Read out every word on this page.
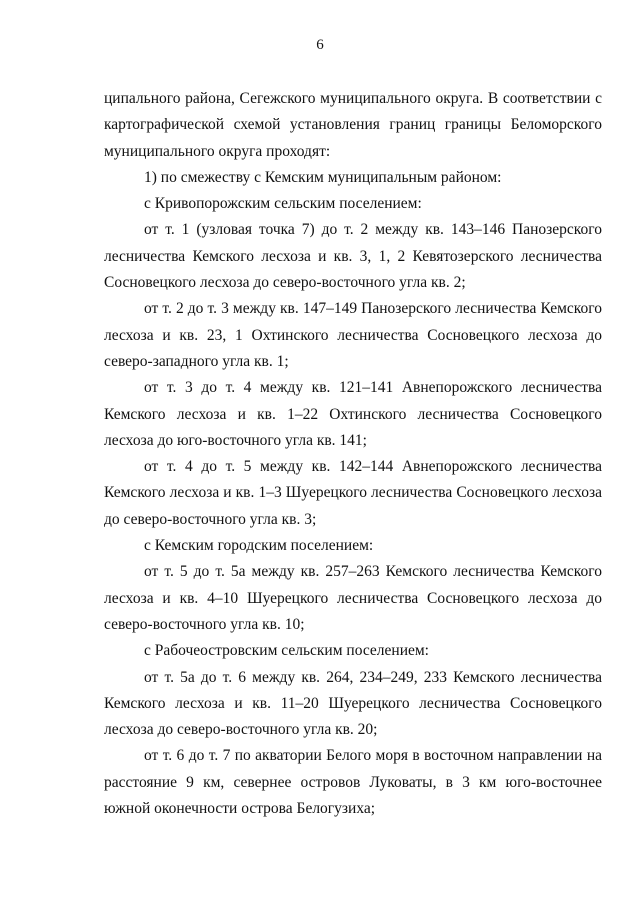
6

ципального района, Сегежского муниципального округа. В соответствии с картографической схемой установления границ границы Беломорского муниципального округа проходят:

1) по смежеству с Кемским муниципальным районом:

с Кривопорожским сельским поселением:

от т. 1 (узловая точка 7) до т. 2 между кв. 143–146 Панозерского лесничества Кемского лесхоза и кв. 3, 1, 2 Кевятозерского лесничества Сосновецкого лесхоза до северо-восточного угла кв. 2;

от т. 2 до т. 3 между кв. 147–149 Панозерского лесничества Кемского лесхоза и кв. 23, 1 Охтинского лесничества Сосновецкого лесхоза до северо-западного угла кв. 1;

от т. 3 до т. 4 между кв. 121–141 Авнепорожского лесничества Кемского лесхоза и кв. 1–22 Охтинского лесничества Сосновецкого лесхоза до юго-восточного угла кв. 141;

от т. 4 до т. 5 между кв. 142–144 Авнепорожского лесничества Кемского лесхоза и кв. 1–3 Шуерецкого лесничества Сосновецкого лесхоза до северо-восточного угла кв. 3;

с Кемским городским поселением:

от т. 5 до т. 5а между кв. 257–263 Кемского лесничества Кемского лесхоза и кв. 4–10 Шуерецкого лесничества Сосновецкого лесхоза до северо-восточного угла кв. 10;

с Рабочеостровским сельским поселением:

от т. 5а до т. 6 между кв. 264, 234–249, 233 Кемского лесничества Кемского лесхоза и кв. 11–20 Шуерецкого лесничества Сосновецкого лесхоза до северо-восточного угла кв. 20;

от т. 6 до т. 7 по акватории Белого моря в восточном направлении на расстояние 9 км, севернее островов Луковаты, в 3 км юго-восточнее южной оконечности острова Белогузиха;
